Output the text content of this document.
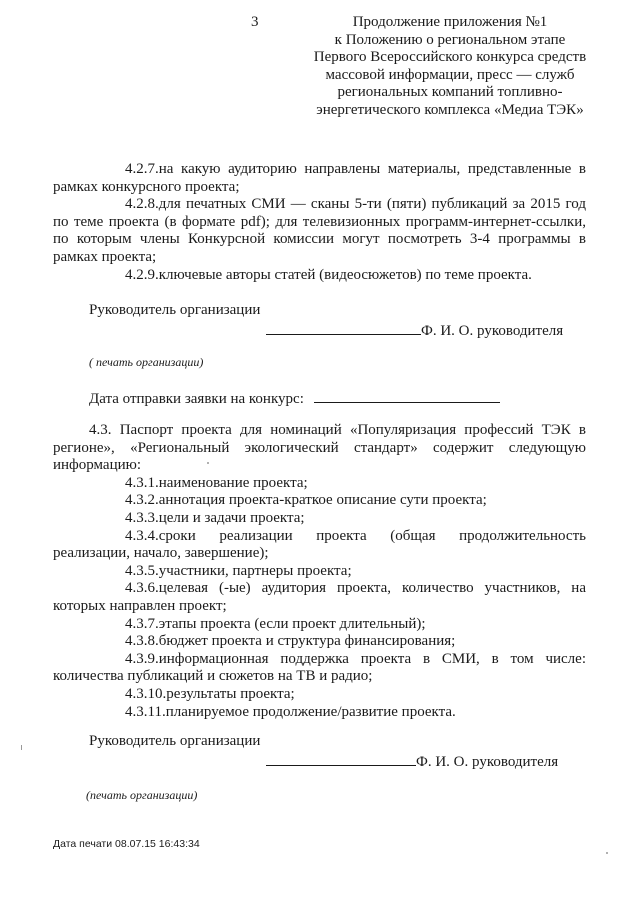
3	Продолжение приложения №1
к Положению о региональном этапе
Первого Всероссийского конкурса средств
массовой информации, пресс — служб
региональных компаний топливно-
энергетического комплекса «Медиа ТЭК»

4.2.7.на какую аудиторию направлены материалы, представленные в рамках конкурсного проекта;

4.2.8.для печатных СМИ — сканы 5-ти (пяти) публикаций за 2015 год по теме проекта (в формате pdf); для телевизионных программ-интернет-ссылки, по которым члены Конкурсной комиссии могут посмотреть 3-4 программы в рамках проекта;

4.2.9.ключевые авторы статей (видеосюжетов) по теме проекта.

Руководитель организации
Ф. И. О. руководителя
( печать организации)
Дата отправки заявки на конкурс:

4.3. Паспорт проекта для номинаций «Популяризация профессий ТЭК в регионе», «Региональный экологический стандарт» содержит следующую информацию:

4.3.1.наименование проекта;

4.3.2.аннотация проекта-краткое описание сути проекта;

4.3.3.цели и задачи проекта;

4.3.4.сроки реализации проекта (общая продолжительность реализации, начало, завершение);

4.3.5.участники, партнеры проекта;

4.3.6.целевая (-ые) аудитория проекта, количество участников, на которых направлен проект;

4.3.7.этапы проекта (если проект длительный);

4.3.8.бюджет проекта и структура финансирования;

4.3.9.информационная поддержка проекта в СМИ, в том числе: количества публикаций и сюжетов на ТВ и радио;

4.3.10.результаты проекта;

4.3.11.планируемое продолжение/развитие проекта.

Руководитель организации
Ф. И. О. руководителя
(печать организации)
Дата печати 08.07.15 16:43:34
